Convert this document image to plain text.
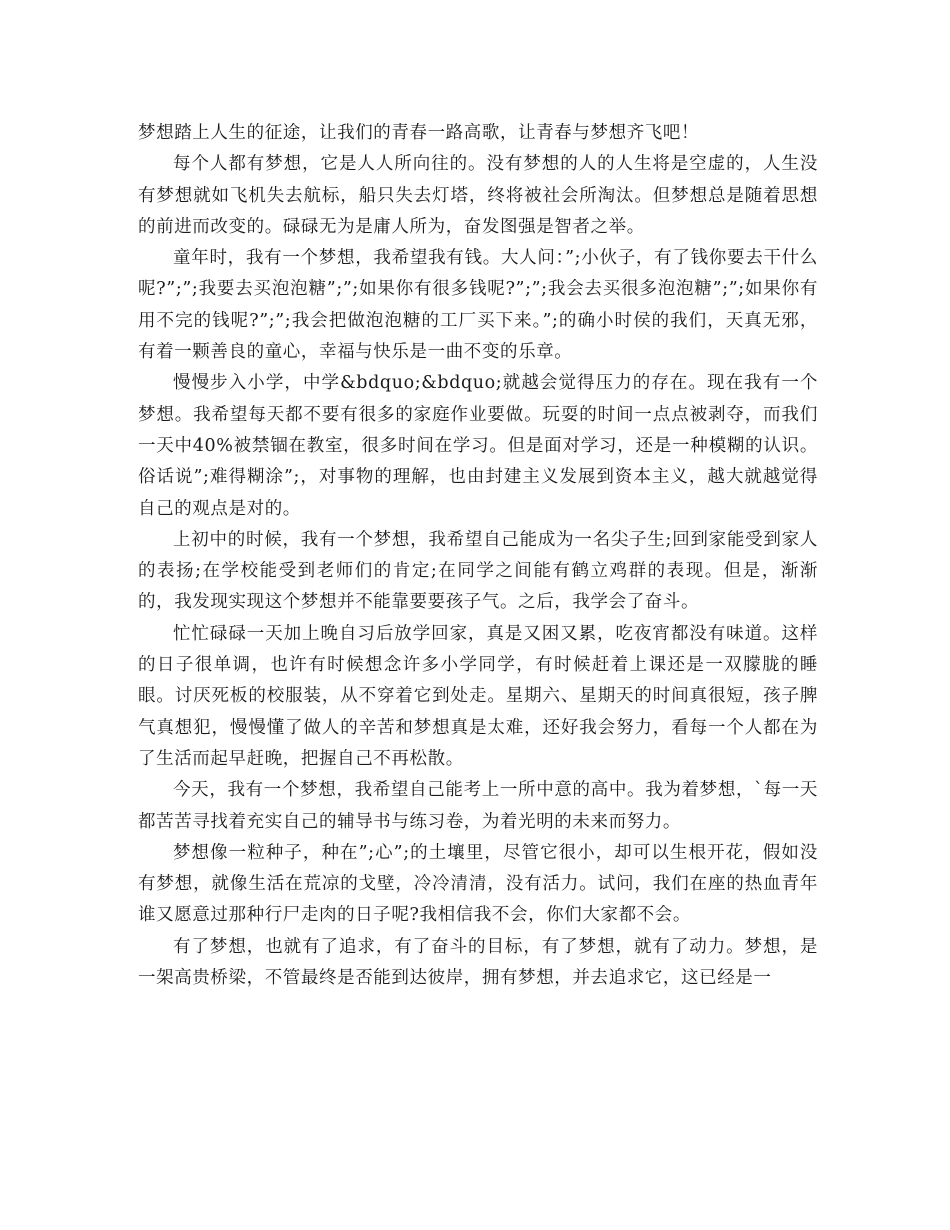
梦想踏上人生的征途，让我们的青春一路高歌，让青春与梦想齐飞吧！

每个人都有梦想，它是人人所向往的。没有梦想的人的人生将是空虚的，人生没有梦想就如飞机失去航标，船只失去灯塔，终将被社会所淘汰。但梦想总是随着思想的前进而改变的。碌碌无为是庸人所为，奋发图强是智者之举。

童年时，我有一个梦想，我希望我有钱。大人问：”;小伙子，有了钱你要去干什么呢?”;”;我要去买泡泡糖”;”;如果你有很多钱呢?”;”;我会去买很多泡泡糖”;”;如果你有用不完的钱呢?”;”;我会把做泡泡糖的工厂买下来。”;的确小时侯的我们，天真无邪，有着一颗善良的童心，幸福与快乐是一曲不变的乐章。

慢慢步入小学，中学&bdquo;&bdquo;就越会觉得压力的存在。现在我有一个梦想。我希望每天都不要有很多的家庭作业要做。玩耍的时间一点点被剥夺，而我们一天中40%被禁锢在教室，很多时间在学习。但是面对学习，还是一种模糊的认识。俗话说”;难得糊涂”;，对事物的理解，也由封建主义发展到资本主义，越大就越觉得自己的观点是对的。

上初中的时候，我有一个梦想，我希望自己能成为一名尖子生;回到家能受到家人的表扬;在学校能受到老师们的肯定;在同学之间能有鹤立鸡群的表现。但是，渐渐的，我发现实现这个梦想并不能靠要要孩子气。之后，我学会了奋斗。

忙忙碌碌一天加上晚自习后放学回家，真是又困又累，吃夜宵都没有味道。这样的日子很单调，也许有时候想念许多小学同学，有时候赶着上课还是一双朦胧的睡眼。讨厌死板的校服装，从不穿着它到处走。星期六、星期天的时间真很短，孩子脾气真想犯，慢慢懂了做人的辛苦和梦想真是太难，还好我会努力，看每一个人都在为了生活而起早赶晚，把握自己不再松散。

今天，我有一个梦想，我希望自己能考上一所中意的高中。我为着梦想，`每一天都苦苦寻找着充实自己的辅导书与练习卷，为着光明的未来而努力。

梦想像一粒种子，种在”;心”;的土壤里，尽管它很小，却可以生根开花，假如没有梦想，就像生活在荒凉的戈壁，冷冷清清，没有活力。试问，我们在座的热血青年谁又愿意过那种行尸走肉的日子呢?我相信我不会，你们大家都不会。

有了梦想，也就有了追求，有了奋斗的目标，有了梦想，就有了动力。梦想，是一架高贵桥梁，不管最终是否能到达彼岸，拥有梦想，并去追求它，这已经是一
